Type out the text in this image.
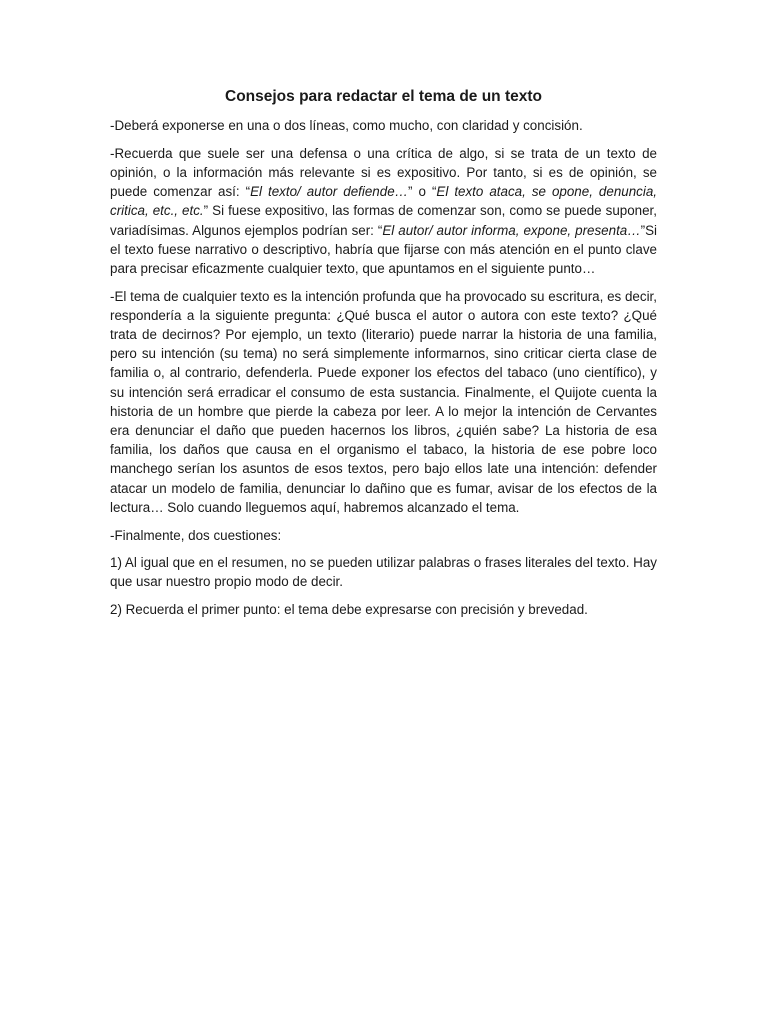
Consejos para redactar el tema de un texto

-Deberá exponerse en una o dos líneas, como mucho, con claridad y concisión.

-Recuerda que suele ser una defensa o una crítica de algo, si se trata de un texto de opinión, o la información más relevante si es expositivo. Por tanto, si es de opinión, se puede comenzar así: “El texto/ autor defiende…” o “El texto ataca, se opone, denuncia, critica, etc., etc.” Si fuese expositivo, las formas de comenzar son, como se puede suponer, variadísimas. Algunos ejemplos podrían ser: “El autor/ autor informa, expone, presenta…”Si el texto fuese narrativo o descriptivo, habría que fijarse con más atención en el punto clave para precisar eficazmente cualquier texto, que apuntamos en el siguiente punto…

-El tema de cualquier texto es la intención profunda que ha provocado su escritura, es decir, respondería a la siguiente pregunta: ¿Qué busca el autor o autora con este texto? ¿Qué trata de decirnos? Por ejemplo, un texto (literario) puede narrar la historia de una familia, pero su intención (su tema) no será simplemente informarnos, sino criticar cierta clase de familia o, al contrario, defenderla. Puede exponer los efectos del tabaco (uno científico), y su intención será erradicar el consumo de esta sustancia. Finalmente, el Quijote cuenta la historia de un hombre que pierde la cabeza por leer. A lo mejor la intención de Cervantes era denunciar el daño que pueden hacernos los libros, ¿quién sabe? La historia de esa familia, los daños que causa en el organismo el tabaco, la historia de ese pobre loco manchego serían los asuntos de esos textos, pero bajo ellos late una intención: defender atacar un modelo de familia, denunciar lo dañino que es fumar, avisar de los efectos de la lectura… Solo cuando lleguemos aquí, habremos alcanzado el tema.

-Finalmente, dos cuestiones:

1) Al igual que en el resumen, no se pueden utilizar palabras o frases literales del texto. Hay que usar nuestro propio modo de decir.

2) Recuerda el primer punto: el tema debe expresarse con precisión y brevedad.
